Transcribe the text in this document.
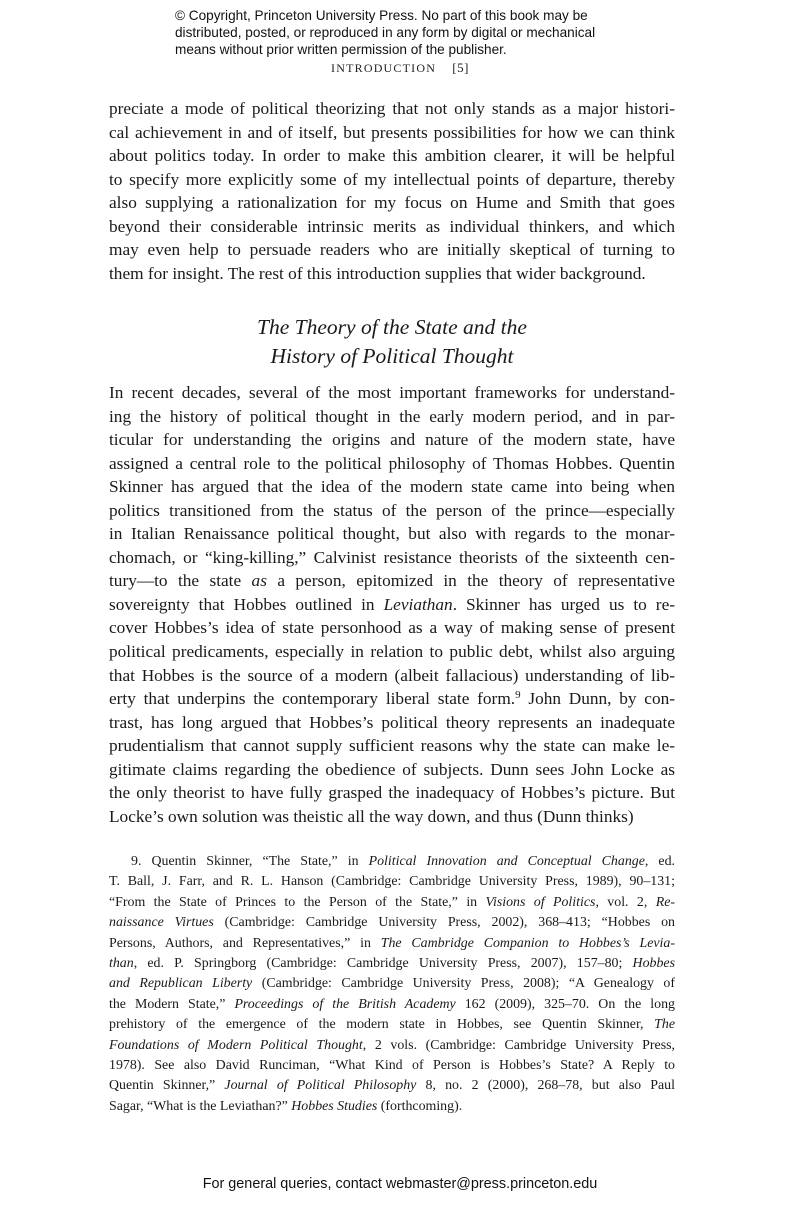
© Copyright, Princeton University Press. No part of this book may be
distributed, posted, or reproduced in any form by digital or mechanical
means without prior written permission of the publisher.
INTRODUCTION [5]
preciate a mode of political theorizing that not only stands as a major histori-
cal achievement in and of itself, but presents possibilities for how we can think
about politics today. In order to make this ambition clearer, it will be helpful
to specify more explicitly some of my intellectual points of departure, thereby
also supplying a rationalization for my focus on Hume and Smith that goes
beyond their considerable intrinsic merits as individual thinkers, and which
may even help to persuade readers who are initially skeptical of turning to
them for insight. The rest of this introduction supplies that wider background.
The Theory of the State and the
History of Political Thought
In recent decades, several of the most important frameworks for understand-
ing the history of political thought in the early modern period, and in par-
ticular for understanding the origins and nature of the modern state, have
assigned a central role to the political philosophy of Thomas Hobbes. Quentin
Skinner has argued that the idea of the modern state came into being when
politics transitioned from the status of the person of the prince—especially
in Italian Renaissance political thought, but also with regards to the monar-
chomach, or “king-killing,” Calvinist resistance theorists of the sixteenth cen-
tury—to the state as a person, epitomized in the theory of representative
sovereignty that Hobbes outlined in Leviathan. Skinner has urged us to re-
cover Hobbes’s idea of state personhood as a way of making sense of present
political predicaments, especially in relation to public debt, whilst also arguing
that Hobbes is the source of a modern (albeit fallacious) understanding of lib-
erty that underpins the contemporary liberal state form.$^9$ John Dunn, by con-
trast, has long argued that Hobbes’s political theory represents an inadequate
prudentialism that cannot supply sufficient reasons why the state can make le-
gitimate claims regarding the obedience of subjects. Dunn sees John Locke as
the only theorist to have fully grasped the inadequacy of Hobbes’s picture. But
Locke’s own solution was theistic all the way down, and thus (Dunn thinks)
9. Quentin Skinner, “The State,” in Political Innovation and Conceptual Change, ed.
T. Ball, J. Farr, and R. L. Hanson (Cambridge: Cambridge University Press, 1989), 90–131;
“From the State of Princes to the Person of the State,” in Visions of Politics, vol. 2, Re-
naissance Virtues (Cambridge: Cambridge University Press, 2002), 368–413; “Hobbes on
Persons, Authors, and Representatives,” in The Cambridge Companion to Hobbes’s Levia-
than, ed. P. Springborg (Cambridge: Cambridge University Press, 2007), 157–80; Hobbes
and Republican Liberty (Cambridge: Cambridge University Press, 2008); “A Genealogy of
the Modern State,” Proceedings of the British Academy 162 (2009), 325–70. On the long
prehistory of the emergence of the modern state in Hobbes, see Quentin Skinner, The
Foundations of Modern Political Thought, 2 vols. (Cambridge: Cambridge University Press,
1978). See also David Runciman, “What Kind of Person is Hobbes’s State? A Reply to
Quentin Skinner,” Journal of Political Philosophy 8, no. 2 (2000), 268–78, but also Paul
Sagar, “What is the Leviathan?” Hobbes Studies (forthcoming).
For general queries, contact webmaster@press.princeton.edu
